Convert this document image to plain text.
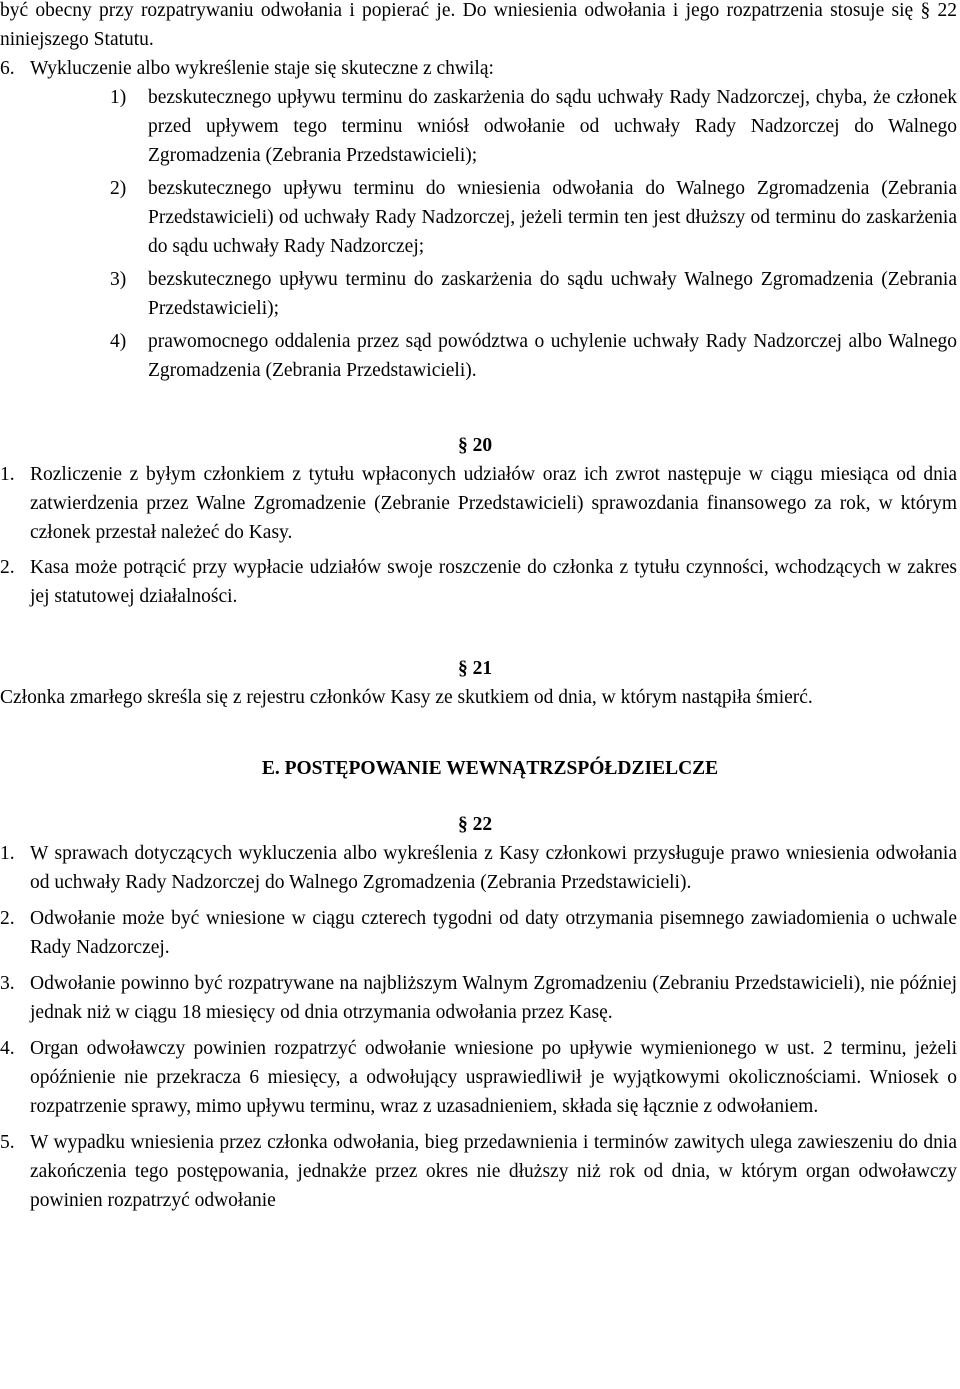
być obecny przy rozpatrywaniu odwołania i popierać je. Do wniesienia odwołania i jego rozpatrzenia stosuje się § 22 niniejszego Statutu.

6. Wykluczenie albo wykreślenie staje się skuteczne z chwilą:
1)	bezskutecznego upływu terminu do zaskarżenia do sądu uchwały Rady Nadzorczej, chyba, że członek przed upływem tego terminu wniósł odwołanie od uchwały Rady Nadzorczej do Walnego Zgromadzenia (Zebrania Przedstawicieli);
2)	bezskutecznego upływu terminu do wniesienia odwołania do Walnego Zgromadzenia (Zebrania Przedstawicieli) od uchwały Rady Nadzorczej, jeżeli termin ten jest dłuższy od terminu do zaskarżenia do sądu uchwały Rady Nadzorczej;
3)	bezskutecznego upływu terminu do zaskarżenia do sądu uchwały Walnego Zgromadzenia (Zebrania Przedstawicieli);
4)	prawomocnego oddalenia przez sąd powództwa o uchylenie uchwały Rady Nadzorczej albo Walnego Zgromadzenia (Zebrania Przedstawicieli).
§ 20
1. Rozliczenie z byłym członkiem z tytułu wpłaconych udziałów oraz ich zwrot następuje w ciągu miesiąca od dnia zatwierdzenia przez Walne Zgromadzenie (Zebranie Przedstawicieli) sprawozdania finansowego za rok, w którym członek przestał należeć do Kasy.
2. Kasa może potrącić przy wypłacie udziałów swoje roszczenie do członka z tytułu czynności, wchodzących w zakres jej statutowej działalności.
§ 21

Członka zmarłego skreśla się z rejestru członków Kasy ze skutkiem od dnia, w którym nastąpiła śmierć.

E. POSTĘPOWANIE WEWNĄTRZSPÓŁDZIELCZE
§ 22
1. W sprawach dotyczących wykluczenia albo wykreślenia z Kasy członkowi przysługuje prawo wniesienia odwołania od uchwały Rady Nadzorczej do Walnego Zgromadzenia (Zebrania Przedstawicieli).
2. Odwołanie może być wniesione w ciągu czterech tygodni od daty otrzymania pisemnego zawiadomienia o uchwale Rady Nadzorczej.
3. Odwołanie powinno być rozpatrywane na najbliższym Walnym Zgromadzeniu (Zebraniu Przedstawicieli), nie później jednak niż w ciągu 18 miesięcy od dnia otrzymania odwołania przez Kasę.
4. Organ odwoławczy powinien rozpatrzyć odwołanie wniesione po upływie wymienionego w ust. 2 terminu, jeżeli opóźnienie nie przekracza 6 miesięcy, a odwołujący usprawiedliwił je wyjątkowymi okolicznościami. Wniosek o rozpatrzenie sprawy, mimo upływu terminu, wraz z uzasadnieniem, składa się łącznie z odwołaniem.
5. W wypadku wniesienia przez członka odwołania, bieg przedawnienia i terminów zawitych ulega zawieszeniu do dnia zakończenia tego postępowania, jednakże przez okres nie dłuższy niż rok od dnia, w którym organ odwoławczy powinien rozpatrzyć odwołanie
